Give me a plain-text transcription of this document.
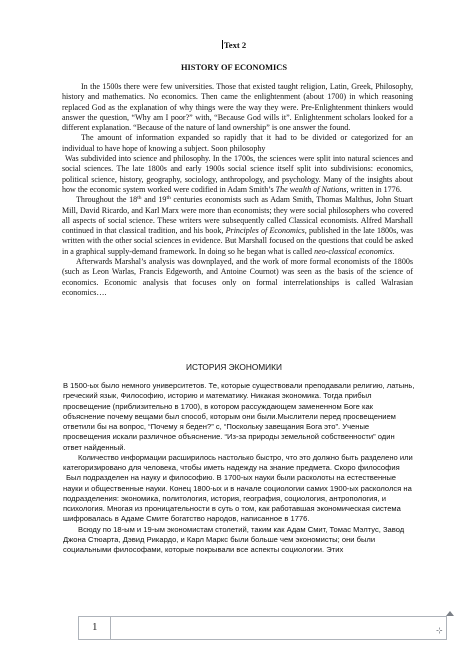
Text 2
HISTORY OF ECONOMICS

In the 1500s there were few universities. Those that existed taught religion, Latin, Greek, Philosophy, history and mathematics. No economics. Then came the enlightenment (about 1700) in which reasoning replaced God as the explanation of why things were the way they were. Pre-Enlightenment thinkers would answer the question, “Why am I poor?” with, “Because God wills it”. Enlightenment scholars looked for a different explanation. “Because of the nature of land ownership” is one answer the found.

The amount of information expanded so rapidly that it had to be divided or categorized for an individual to have hope of knowing a subject. Soon philosophy

Was subdivided into science and philosophy. In the 1700s, the sciences were split into natural sciences and social sciences. The late 1800s and early 1900s social science itself split into subdivisions: economics, political science, history, geography, sociology, anthropology, and psychology. Many of the insights about how the economic system worked were codified in Adam Smith’s The wealth of Nations, written in 1776.

Throughout the 18th and 19th centuries economists such as Adam Smith, Thomas Malthus, John Stuart Mill, David Ricardo, and Karl Marx were more than economists; they were social philosophers who covered all aspects of social science. These writers were subsequently called Classical economists. Alfred Marshall continued in that classical tradition, and his book, Principles of Economics, published in the late 1800s, was written with the other social sciences in evidence. But Marshall focused on the questions that could be asked in a graphical supply-demand framework. In doing so he began what is called neo-classical economics.

Afterwards Marshal’s analysis was downplayed, and the work of more formal economists of the 1800s (such as Leon Warlas, Francis Edgeworth, and Antoine Cournot) was seen as the basis of the science of economics. Economic analysis that focuses only on formal interrelationships is called Walrasian economics….

ИСТОРИЯ ЭКОНОМИКИ

В 1500-ых было немного университетов. Те, которые существовали преподавали религию, латынь, греческий язык, Философию, историю и математику. Никакая экономика. Тогда прибыл просвещение (приблизительно в 1700), в котором рассуждающем замененном Боге как объяснение почему вещами был способ, которым они были.Мыслители перед просвещением ответили бы на вопрос, “Почему я беден?” с, “Поскольку завещания Бога это”. Ученые просвещения искали различное объяснение. “Из-за природы земельной собственности” один ответ найденный.

Количество информации расширилось настолько быстро, что это должно быть разделено или категоризировано для человека, чтобы иметь надежду на знание предмета. Скоро философия

Был подразделен на науку и философию. В 1700-ых науки были расколоты на естественные науки и общественные науки. Конец 1800-ых и в начале социологии самих 1900-ых раскололся на подразделения: экономика, политология, история, география, социология, антропология, и психология. Многая из проницательности в суть о том, как работавшая экономическая система шифровалась в Адаме Смите богатство народов, написанное в 1776.

Всюду по 18-ым и 19-ым экономистам столетий, таким как Адам Смит, Томас Мэлтус, Завод Джона Стюарта, Дэвид Рикардо, и Карл Маркс были больше чем экономисты; они были социальными философами, которые покрывали все аспекты социологии. Этих

1	⊹
